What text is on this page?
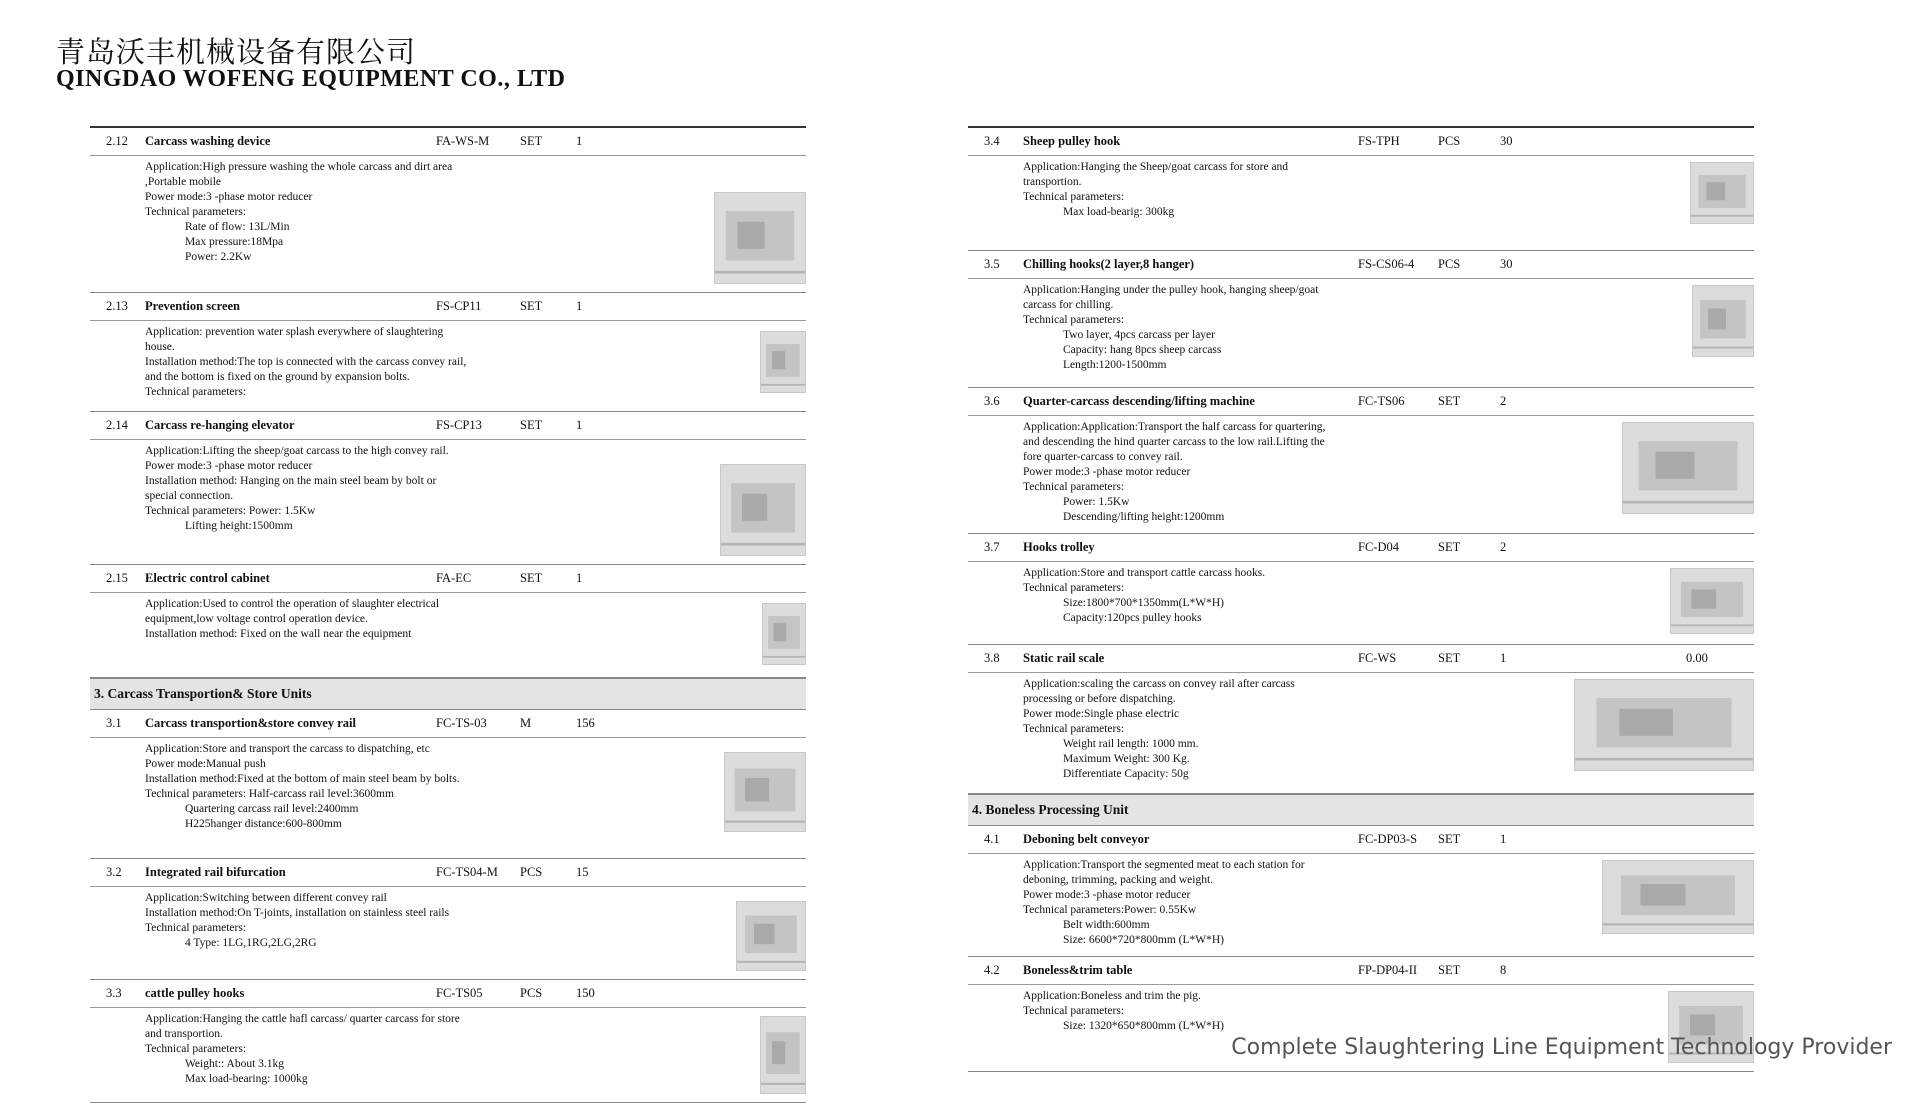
青岛沃丰机械设备有限公司
QINGDAO WOFENG EQUIPMENT CO., LTD
2.12	Carcass washing device	FA-WS-M SET	1
Application:High pressure washing the whole carcass and dirt area
,Portable mobile
Power mode:3 -phase motor reducer
Technical parameters:
Rate of flow: 13L/Min
Max pressure:18Mpa
Power: 2.2Kw
2.13	Prevention screen	FS-CP11	SET	1
Application: prevention water splash everywhere of slaughtering
house.
Installation method:The top is connected with the carcass convey rail,
and the bottom is fixed on the ground by expansion bolts.
Technical parameters:
2.14	Carcass re-hanging elevator	FS-CP13	SET	1
Application:Lifting the sheep/goat carcass to the high convey rail.
Power mode:3 -phase motor reducer
Installation method: Hanging on the main steel beam by bolt or
special connection.
Technical parameters: Power: 1.5Kw
Lifting height:1500mm
2.15	Electric control cabinet	FA-EC	SET	1
Application:Used to control the operation of slaughter electrical
equipment,low voltage control operation device.
Installation method: Fixed on the wall near the equipment
3. Carcass Transportion& Store Units
3.1	Carcass transportion&store convey rail	FC-TS-03	M	156
Application:Store and transport the carcass to dispatching, etc
Power mode:Manual push
Installation method:Fixed at the bottom of main steel beam by bolts.
Technical parameters: Half-carcass rail level:3600mm
Quartering carcass rail level:2400mm
H225hanger distance:600-800mm
3.2	Integrated rail bifurcation	FC-TS04-M PCS	15
Application:Switching between different convey rail
Installation method:On T-joints, installation on stainless steel rails
Technical parameters:
4 Type: 1LG,1RG,2LG,2RG
3.3	cattle pulley hooks	FC-TS05	PCS	150
Application:Hanging the cattle hafl carcass/ quarter carcass for store
and transportion.
Technical parameters:
Weight:: About 3.1kg
Max load-bearing: 1000kg
3.4	Sheep pulley hook	FS-TPH	PCS	30
Application:Hanging the Sheep/goat carcass for store and
transportion.
Technical parameters:
Max load-bearig: 300kg
3.5	Chilling hooks(2 layer,8 hanger)	FS-CS06-4 PCS	30
Application:Hanging under the pulley hook, hanging sheep/goat
carcass for chilling.
Technical parameters:
Two layer, 4pcs carcass per layer
Capacity: hang 8pcs sheep carcass
Length:1200-1500mm
3.6	Quarter-carcass descending/lifting machine	FC-TS06	SET	2
Application:Application:Transport the half carcass for quartering,
and descending the hind quarter carcass to the low rail.Lifting the
fore quarter-carcass to convey rail.
Power mode:3 -phase motor reducer
Technical parameters:
Power: 1.5Kw
Descending/lifting height:1200mm
3.7	Hooks trolley	FC-D04	SET	2
Application:Store and transport cattle carcass hooks.
Technical parameters:
Size:1800*700*1350mm(L*W*H)
Capacity:120pcs pulley hooks
3.8	Static rail scale	FC-WS	SET	1	0.00
Application:scaling the carcass on convey rail after carcass
processing or before dispatching.
Power mode:Single phase electric
Technical parameters:
Weight rail length: 1000 mm.
Maximum Weight: 300 Kg.
Differentiate Capacity: 50g
4. Boneless Processing Unit
4.1	Deboning belt conveyor	FC-DP03-S SET	1
Application:Transport the segmented meat to each station for
deboning, trimming, packing and weight.
Power mode:3 -phase motor reducer
Technical parameters:Power: 0.55Kw
Belt width:600mm
Size: 6600*720*800mm (L*W*H)
4.2	Boneless&trim table	FP-DP04-II SET	8
Application:Boneless and trim the pig.
Technical parameters:
Size: 1320*650*800mm (L*W*H)
Complete Slaughtering Line Equipment Technology Provider
